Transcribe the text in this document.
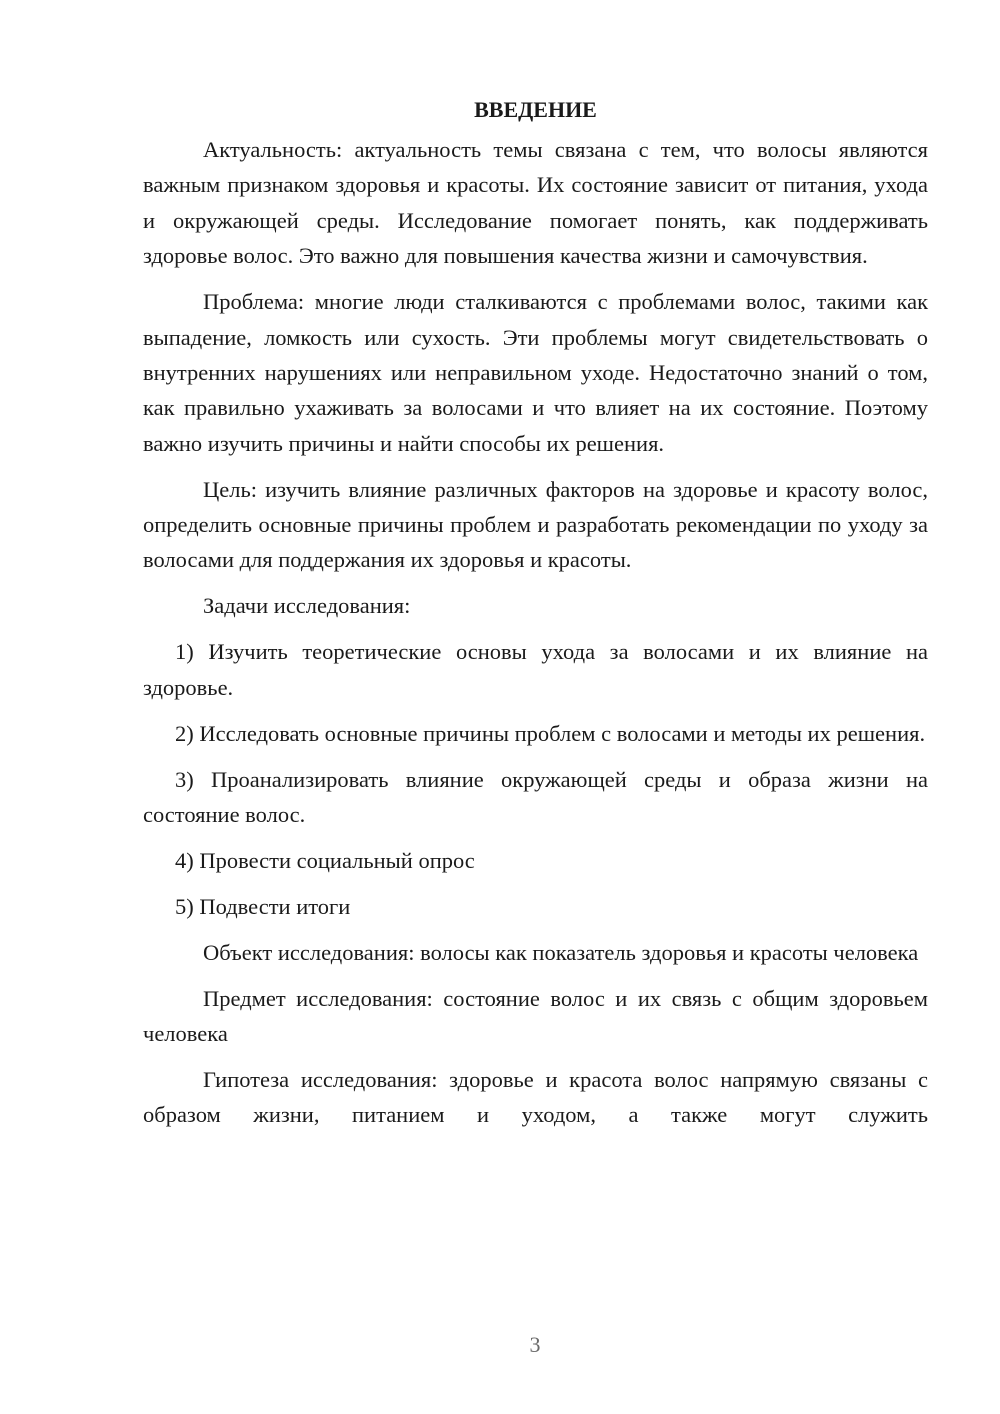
ВВЕДЕНИЕ

Актуальность: актуальность темы связана с тем, что волосы являются важным признаком здоровья и красоты. Их состояние зависит от питания, ухода и окружающей среды. Исследование помогает понять, как поддерживать здоровье волос. Это важно для повышения качества жизни и самочувствия.

Проблема: многие люди сталкиваются с проблемами волос, такими как выпадение, ломкость или сухость. Эти проблемы могут свидетельствовать о внутренних нарушениях или неправильном уходе. Недостаточно знаний о том, как правильно ухаживать за волосами и что влияет на их состояние. Поэтому важно изучить причины и найти способы их решения.

Цель: изучить влияние различных факторов на здоровье и красоту волос, определить основные причины проблем и разработать рекомендации по уходу за волосами для поддержания их здоровья и красоты.

Задачи исследования:

1) Изучить теоретические основы ухода за волосами и их влияние на здоровье.

2) Исследовать основные причины проблем с волосами и методы их решения.

3) Проанализировать влияние окружающей среды и образа жизни на состояние волос.

4) Провести социальный опрос

5) Подвести итоги

Объект исследования: волосы как показатель здоровья и красоты человека

Предмет исследования: состояние волос и их связь с общим здоровьем человека

Гипотеза исследования: здоровье и красота волос напрямую связаны с образом жизни, питанием и уходом, а также могут служить

3
